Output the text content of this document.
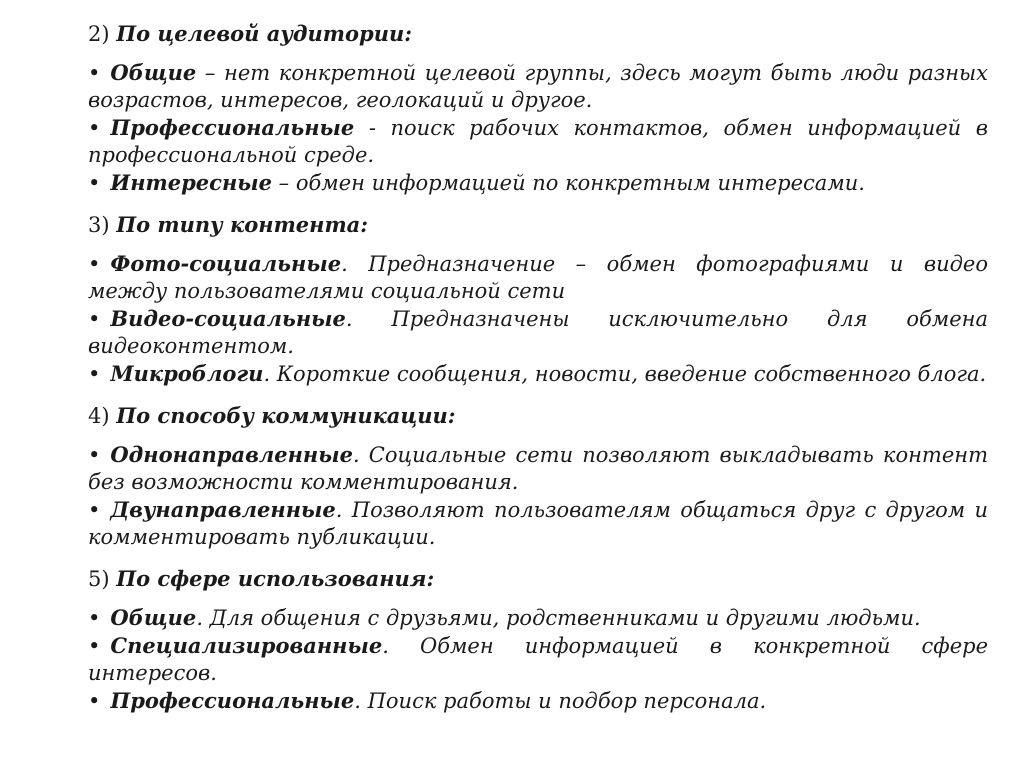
2) По целевой аудитории:

• Общие – нет конкретной целевой группы, здесь могут быть люди разных возрастов, интересов, геолокаций и другое.

• Профессиональные - поиск рабочих контактов, обмен информацией в профессиональной среде.

• Интересные – обмен информацией по конкретным интересами.

3) По типу контента:

• Фото-социальные. Предназначение – обмен фотографиями и видео между пользователями социальной сети

• Видео-социальные. Предназначены исключительно для обмена видеоконтентом.

• Микроблоги. Короткие сообщения, новости, введение собственного блога.

4) По способу коммуникации:

• Однонаправленные. Социальные сети позволяют выкладывать контент без возможности комментирования.

• Двунаправленные. Позволяют пользователям общаться друг с другом и комментировать публикации.

5) По сфере использования:

• Общие. Для общения с друзьями, родственниками и другими людьми.

• Специализированные. Обмен информацией в конкретной сфере интересов.

• Профессиональные. Поиск работы и подбор персонала.
